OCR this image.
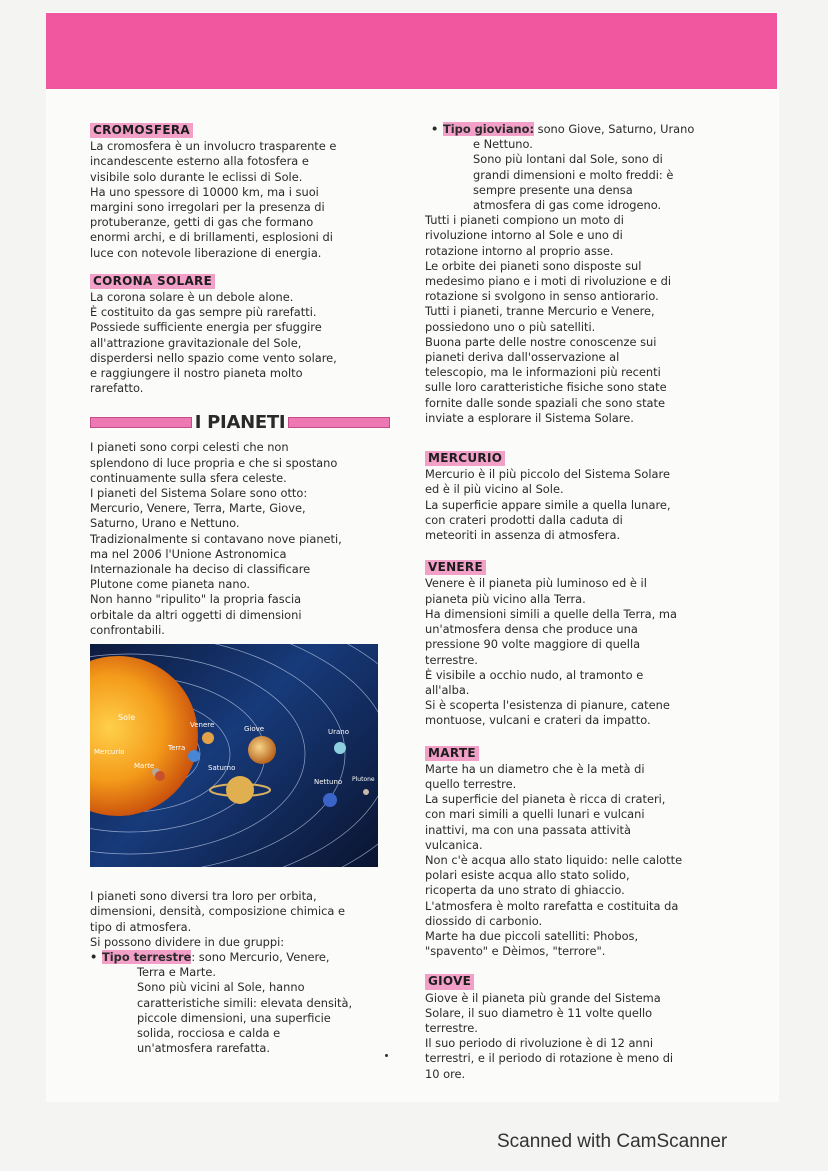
CROMOSFERA
La cromosfera è un involucro trasparente e
incandescente esterno alla fotosfera e
visibile solo durante le eclissi di Sole.
Ha uno spessore di 10000 km, ma i suoi
margini sono irregolari per la presenza di
protuberanze, getti di gas che formano
enormi archi, e di brillamenti, esplosioni di
luce con notevole liberazione di energia.
CORONA SOLARE
La corona solare è un debole alone.
È costituito da gas sempre più rarefatti.
Possiede sufficiente energia per sfuggire
all'attrazione gravitazionale del Sole,
disperdersi nello spazio come vento solare,
e raggiungere il nostro pianeta molto
rarefatto.
I PIANETI
I pianeti sono corpi celesti che non
splendono di luce propria e che si spostano
continuamente sulla sfera celeste.
I pianeti del Sistema Solare sono otto:
Mercurio, Venere, Terra, Marte, Giove,
Saturno, Urano e Nettuno.
Tradizionalmente si contavano nove pianeti,
ma nel 2006 l'Unione Astronomica
Internazionale ha deciso di classificare
Plutone come pianeta nano.
Non hanno "ripulito" la propria fascia
orbitale da altri oggetti di dimensioni
confrontabili.
Sole
Mercurio
Venere
Terra
Marte
Giove
Saturno
Urano
Nettuno Plutone
I pianeti sono diversi tra loro per orbita,
dimensioni, densità, composizione chimica e
tipo di atmosfera.
Si possono dividere in due gruppi:
• Tipo terrestre: sono Mercurio, Venere,
Terra e Marte.
Sono più vicini al Sole, hanno
caratteristiche simili: elevata densità,
piccole dimensioni, una superficie
solida, rocciosa e calda e
un'atmosfera rarefatta.
• Tipo gioviano: sono Giove, Saturno, Urano
e Nettuno.
Sono più lontani dal Sole, sono di
grandi dimensioni e molto freddi: è
sempre presente una densa
atmosfera di gas come idrogeno.
Tutti i pianeti compiono un moto di
rivoluzione intorno al Sole e uno di
rotazione intorno al proprio asse.
Le orbite dei pianeti sono disposte sul
medesimo piano e i moti di rivoluzione e di
rotazione si svolgono in senso antiorario.
Tutti i pianeti, tranne Mercurio e Venere,
possiedono uno o più satelliti.
Buona parte delle nostre conoscenze sui
pianeti deriva dall'osservazione al
telescopio, ma le informazioni più recenti
sulle loro caratteristiche fisiche sono state
fornite dalle sonde spaziali che sono state
inviate a esplorare il Sistema Solare.
MERCURIO
Mercurio è il più piccolo del Sistema Solare
ed è il più vicino al Sole.
La superficie appare simile a quella lunare,
con crateri prodotti dalla caduta di
meteoriti in assenza di atmosfera.
VENERE
Venere è il pianeta più luminoso ed è il
pianeta più vicino alla Terra.
Ha dimensioni simili a quelle della Terra, ma
un'atmosfera densa che produce una
pressione 90 volte maggiore di quella
terrestre.
È visibile a occhio nudo, al tramonto e
all'alba.
Si è scoperta l'esistenza di pianure, catene
montuose, vulcani e crateri da impatto.
MARTE
Marte ha un diametro che è la metà di
quello terrestre.
La superficie del pianeta è ricca di crateri,
con mari simili a quelli lunari e vulcani
inattivi, ma con una passata attività
vulcanica.
Non c'è acqua allo stato liquido: nelle calotte
polari esiste acqua allo stato solido,
ricoperta da uno strato di ghiaccio.
L'atmosfera è molto rarefatta e costituita da
diossido di carbonio.
Marte ha due piccoli satelliti: Phobos,
"spavento" e Dèimos, "terrore".
GIOVE
Giove è il pianeta più grande del Sistema
Solare, il suo diametro è 11 volte quello
terrestre.
Il suo periodo di rivoluzione è di 12 anni
terrestri, e il periodo di rotazione è meno di
10 ore.
Scanned with CamScanner
